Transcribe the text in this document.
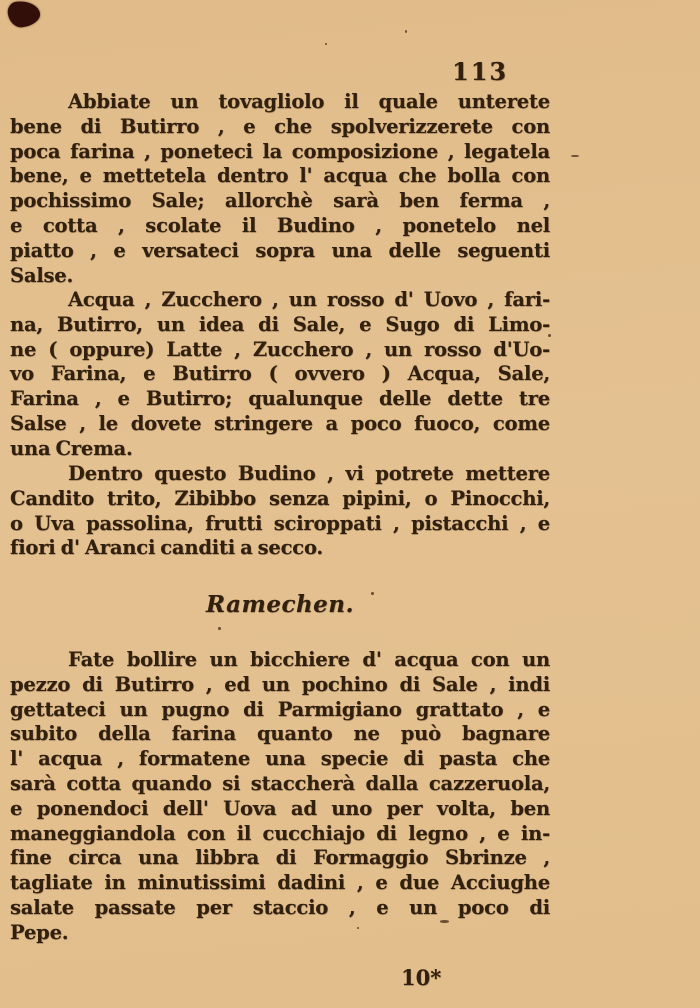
113
Abbiate un tovagliolo il quale unterete
bene di Butirro , e che spolverizzerete con
poca farina , poneteci la composizione , legatela
bene, e mettetela dentro l' acqua che bolla con
pochissimo Sale; allorchè sarà ben ferma ,
e cotta , scolate il Budino , ponetelo nel
piatto , e versateci sopra una delle seguenti
Salse.
Acqua , Zucchero , un rosso d' Uovo , fari-
na, Butirro, un idea di Sale, e Sugo di Limo-
ne ( oppure) Latte , Zucchero , un rosso d'Uo-
vo Farina, e Butirro ( ovvero ) Acqua, Sale,
Farina , e Butirro; qualunque delle dette tre
Salse , le dovete stringere a poco fuoco, come
una Crema.
Dentro questo Budino , vi potrete mettere
Candito trito, Zibibbo senza pipini, o Pinocchi,
o Uva passolina, frutti sciroppati , pistacchi , e
fiori d' Aranci canditi a secco.
Ramechen.
Fate bollire un bicchiere d' acqua con un
pezzo di Butirro , ed un pochino di Sale , indi
gettateci un pugno di Parmigiano grattato , e
subito della farina quanto ne può bagnare
l' acqua , formatene una specie di pasta che
sarà cotta quando si staccherà dalla cazzeruola,
e ponendoci dell' Uova ad uno per volta, ben
maneggiandola con il cucchiajo di legno , e in-
fine circa una libbra di Formaggio Sbrinze ,
tagliate in minutissimi dadini , e due Acciughe
salate passate per staccio , e un poco di
Pepe.
10*
